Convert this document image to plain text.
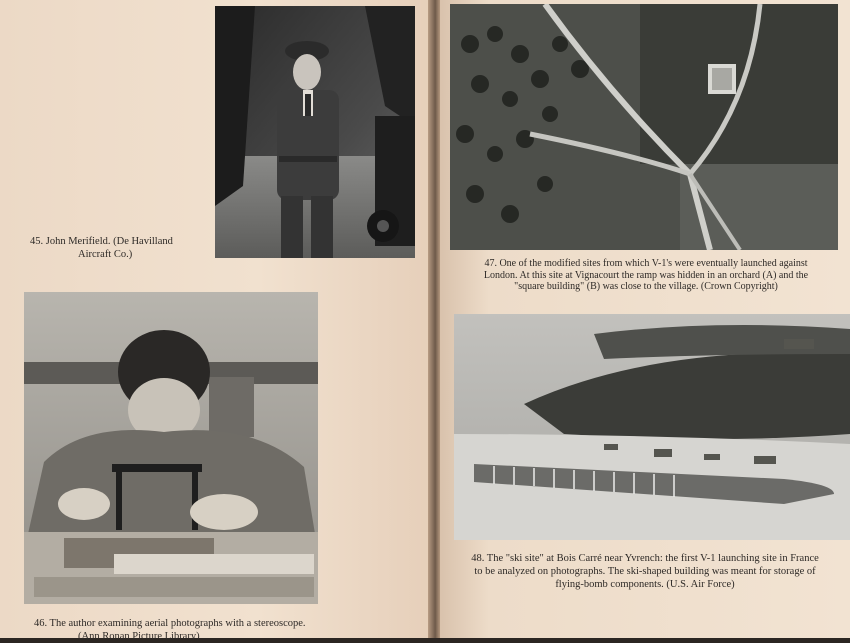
45. John Merifield. (De Havilland
Aircraft Co.)
46. The author examining aerial photographs with a stereoscope.
(Ann Ronan Picture Library)
47. One of the modified sites from which V-1's were eventually launched against
London. At this site at Vignacourt the ramp was hidden in an orchard (A) and the
"square building" (B) was close to the village. (Crown Copyright)
48. The "ski site" at Bois Carré near Yvrench: the first V-1 launching site in France
to be analyzed on photographs. The ski-shaped building was meant for storage of
flying-bomb components. (U.S. Air Force)
